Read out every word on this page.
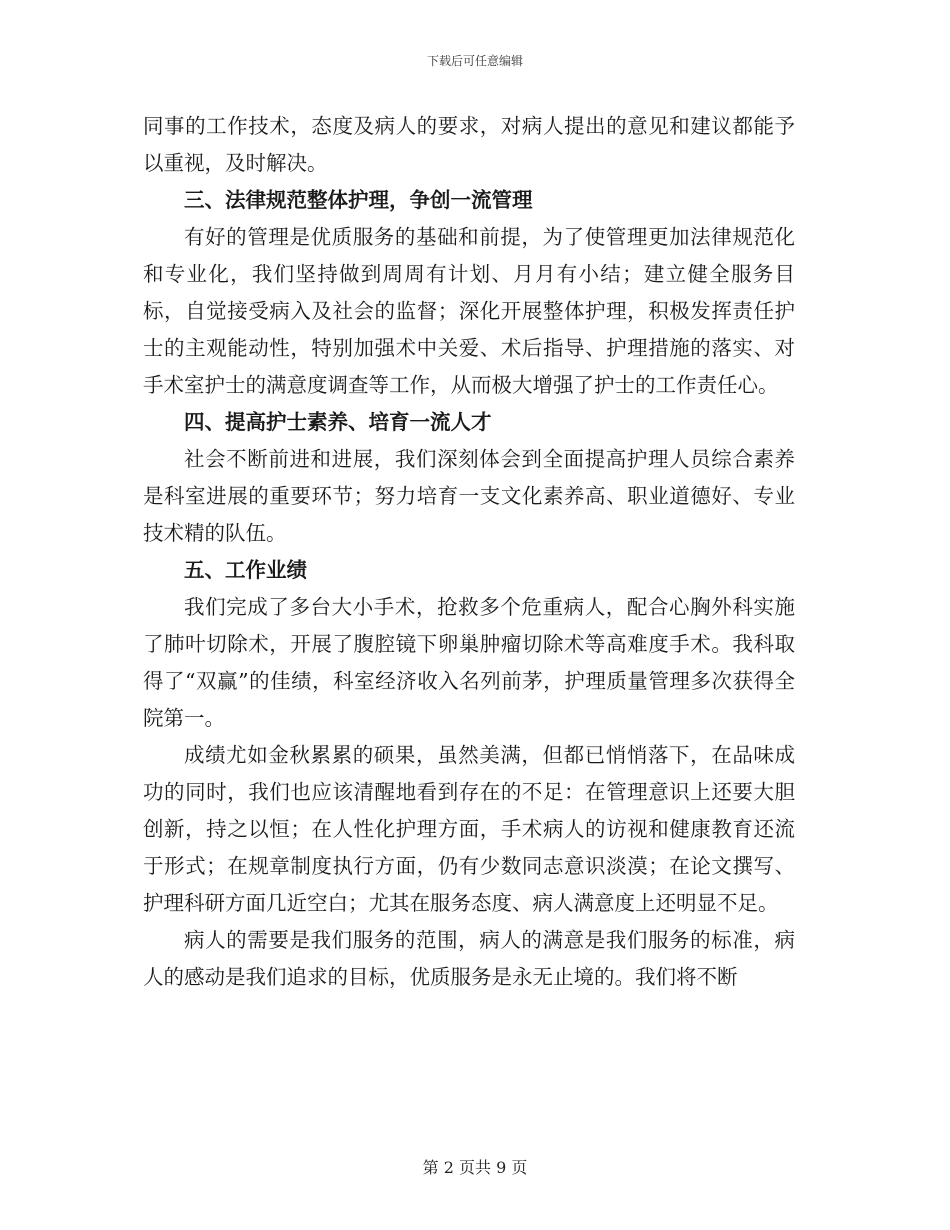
下载后可任意编辑

同事的工作技术，态度及病人的要求，对病人提出的意见和建议都能予以重视，及时解决。

三、法律规范整体护理，争创一流管理

有好的管理是优质服务的基础和前提，为了使管理更加法律规范化和专业化，我们坚持做到周周有计划、月月有小结；建立健全服务目标，自觉接受病入及社会的监督；深化开展整体护理，积极发挥责任护士的主观能动性，特别加强术中关爱、术后指导、护理措施的落实、对手术室护士的满意度调查等工作，从而极大增强了护士的工作责任心。

四、提高护士素养、培育一流人才

社会不断前进和进展，我们深刻体会到全面提高护理人员综合素养是科室进展的重要环节；努力培育一支文化素养高、职业道德好、专业技术精的队伍。

五、工作业绩

我们完成了多台大小手术，抢救多个危重病人，配合心胸外科实施了肺叶切除术，开展了腹腔镜下卵巢肿瘤切除术等高难度手术。我科取得了“双赢”的佳绩，科室经济收入名列前茅，护理质量管理多次获得全院第一。

成绩尤如金秋累累的硕果，虽然美满，但都已悄悄落下，在品味成功的同时，我们也应该清醒地看到存在的不足：在管理意识上还要大胆创新，持之以恒；在人性化护理方面，手术病人的访视和健康教育还流于形式；在规章制度执行方面，仍有少数同志意识淡漠；在论文撰写、护理科研方面几近空白；尤其在服务态度、病人满意度上还明显不足。

病人的需要是我们服务的范围，病人的满意是我们服务的标准，病人的感动是我们追求的目标，优质服务是永无止境的。我们将不断

第 2 页共 9 页
